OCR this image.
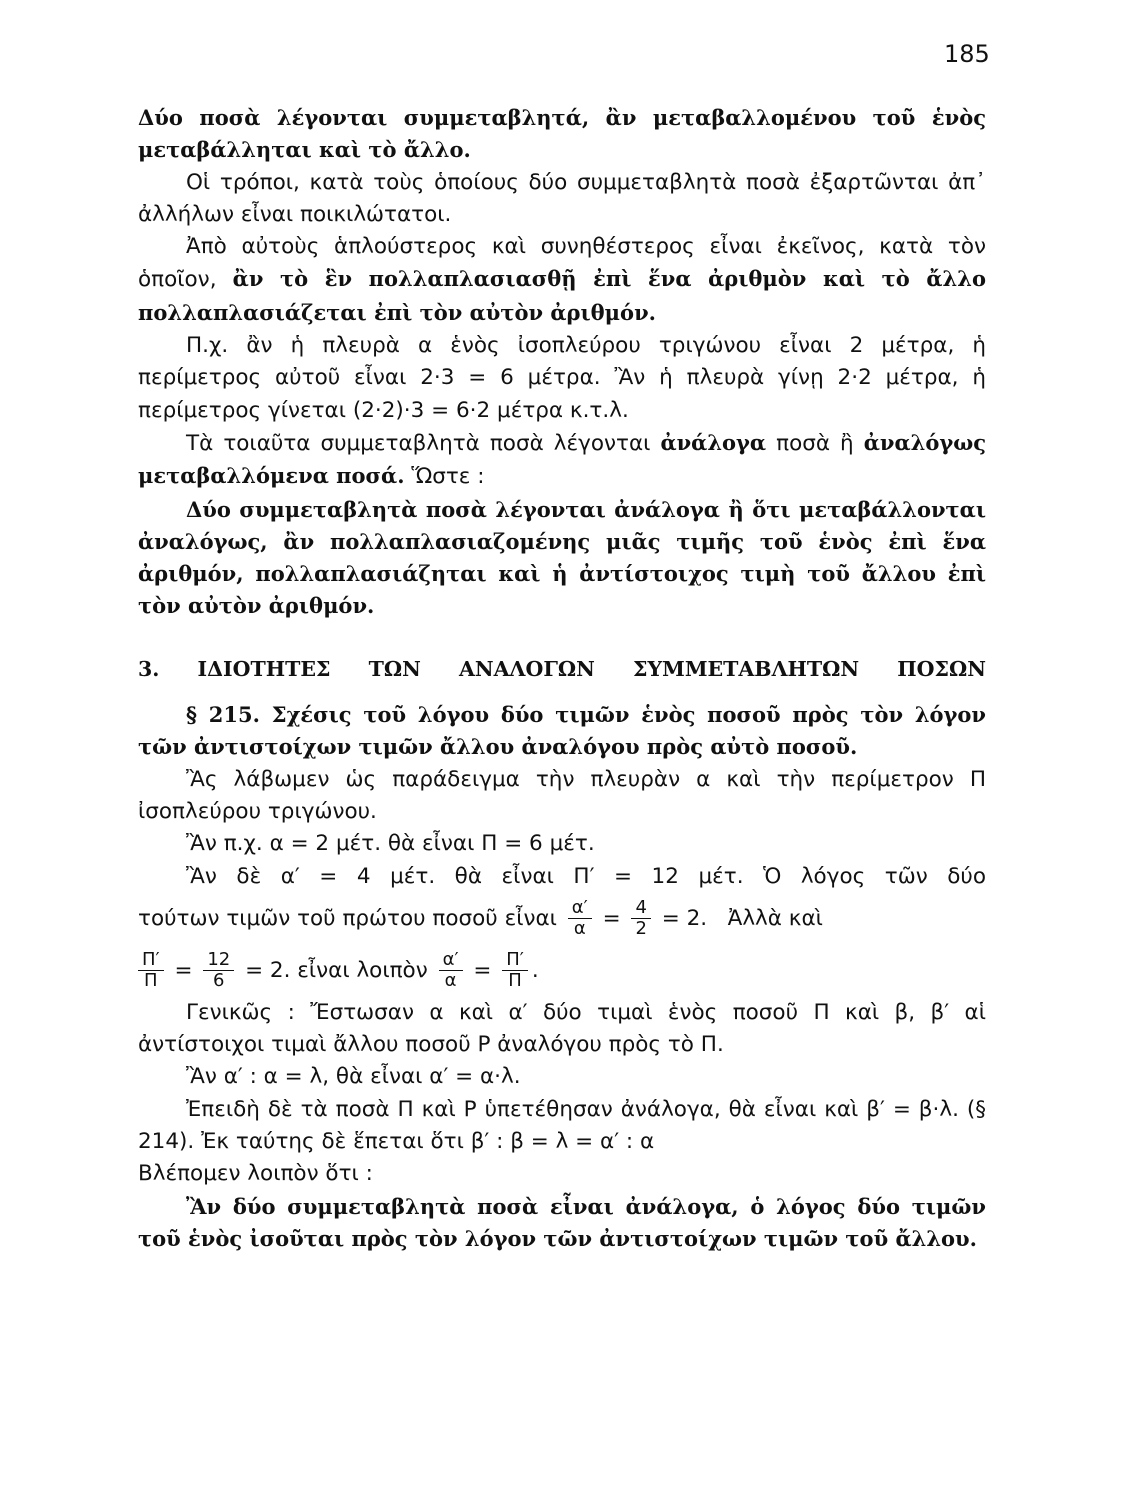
185

Δύο ποσὰ λέγονται συμμεταβλητά, ἂν μεταβαλλομένου τοῦ ἑνὸς μεταβάλληται καὶ τὸ ἄλλο.

Οἱ τρόποι, κατὰ τοὺς ὁποίους δύο συμμεταβλητὰ ποσὰ ἐξαρτῶνται ἀπ᾽ ἀλλήλων εἶναι ποικιλώτατοι.

Ἀπὸ αὐτοὺς ἁπλούστερος καὶ συνηθέστερος εἶναι ἐκεῖνος, κατὰ τὸν ὁποῖον, ἂν τὸ ἓν πολλαπλασιασθῇ ἐπὶ ἕνα ἀριθμὸν καὶ τὸ ἄλλο πολλαπλασιάζεται ἐπὶ τὸν αὐτὸν ἀριθμόν.

Π.χ. ἂν ἡ πλευρὰ α ἑνὸς ἰσοπλεύρου τριγώνου εἶναι 2 μέτρα, ἡ περίμετρος αὐτοῦ εἶναι 2·3 = 6 μέτρα. Ἂν ἡ πλευρὰ γίνῃ 2·2 μέτρα, ἡ περίμετρος γίνεται (2·2)·3 = 6·2 μέτρα κ.τ.λ.

Τὰ τοιαῦτα συμμεταβλητὰ ποσὰ λέγονται ἀνάλογα ποσὰ ἢ ἀναλόγως μεταβαλλόμενα ποσά. Ὥστε :

Δύο συμμεταβλητὰ ποσὰ λέγονται ἀνάλογα ἢ ὅτι μεταβάλλονται ἀναλόγως, ἂν πολλαπλασιαζομένης μιᾶς τιμῆς τοῦ ἑνὸς ἐπὶ ἕνα ἀριθμόν, πολλαπλασιάζηται καὶ ἡ ἀντίστοιχος τιμὴ τοῦ ἄλλου ἐπὶ τὸν αὐτὸν ἀριθμόν.

3. ΙΔΙΟΤΗΤΕΣ ΤΩΝ ΑΝΑΛΟΓΩΝ ΣΥΜΜΕΤΑΒΛΗΤΩΝ ΠΟΣΩΝ

§ 215. Σχέσις τοῦ λόγου δύο τιμῶν ἑνὸς ποσοῦ πρὸς τὸν λόγον τῶν ἀντιστοίχων τιμῶν ἄλλου ἀναλόγου πρὸς αὐτὸ ποσοῦ.

Ἂς λάβωμεν ὡς παράδειγμα τὴν πλευρὰν α καὶ τὴν περίμετρον Π ἰσοπλεύρου τριγώνου.

Ἂν π.χ. α = 2 μέτ. θὰ εἶναι Π = 6 μέτ.

Ἂν δὲ α′ = 4 μέτ. θὰ εἶναι Π′ = 12 μέτ. Ὁ λόγος τῶν δύο

τούτων τιμῶν τοῦ πρώτου ποσοῦ εἶναι $\frac{\alpha'}{\alpha} = \frac{4}{2} = 2$. Ἀλλὰ καὶ

$\frac{\Pi'}{\Pi} = \frac{12}{6} = 2$. εἶναι λοιπὸν $\frac{\alpha'}{\alpha} = \frac{\Pi'}{\Pi}$ .

Γενικῶς : Ἔστωσαν α καὶ α′ δύο τιμαὶ ἑνὸς ποσοῦ Π καὶ β, β′ αἱ ἀντίστοιχοι τιμαὶ ἄλλου ποσοῦ Ρ ἀναλόγου πρὸς τὸ Π.

Ἂν α′ : α = λ, θὰ εἶναι α′ = α·λ.

Ἐπειδὴ δὲ τὰ ποσὰ Π καὶ Ρ ὑπετέθησαν ἀνάλογα, θὰ εἶναι καὶ β′ = β·λ. (§ 214). Ἐκ ταύτης δὲ ἕπεται ὅτι β′ : β = λ = α′ : α

Βλέπομεν λοιπὸν ὅτι :

Ἂν δύο συμμεταβλητὰ ποσὰ εἶναι ἀνάλογα, ὁ λόγος δύο τιμῶν τοῦ ἑνὸς ἰσοῦται πρὸς τὸν λόγον τῶν ἀντιστοίχων τιμῶν τοῦ ἄλλου.
